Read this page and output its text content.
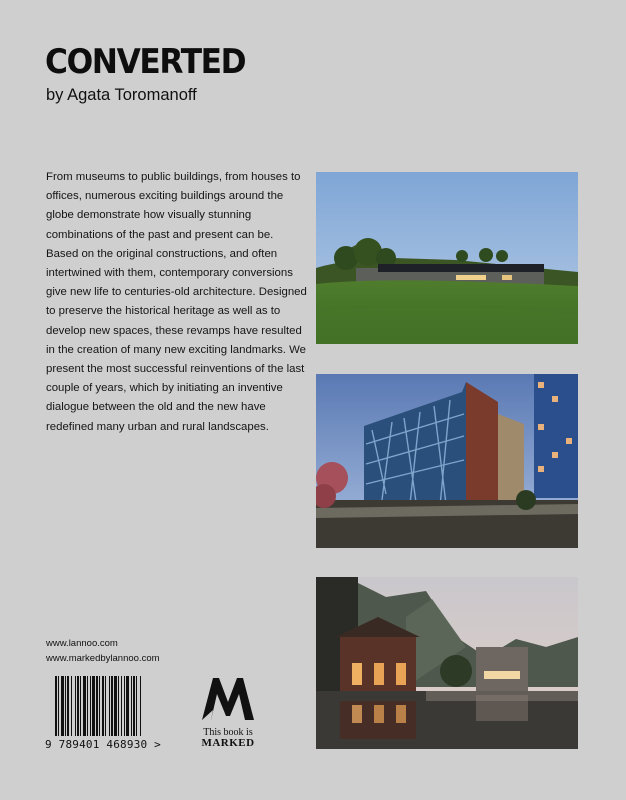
CONVERTED
by Agata Toromanoff

From museums to public buildings, from houses to offices, numerous exciting buildings around the globe demonstrate how visually stunning combinations of the past and present can be. Based on the original constructions, and often intertwined with them, contemporary conversions give new life to centuries-old architecture. Designed to preserve the historical heritage as well as to develop new spaces, these revamps have resulted in the creation of many new exciting landmarks. We present the most successful reinventions of the last couple of years, which by initiating an inventive dialogue between the old and the new have redefined many urban and rural landscapes.

www.lannoo.com
www.markedbylannoo.com
9 789401 468930 >
This book is
MARKED
